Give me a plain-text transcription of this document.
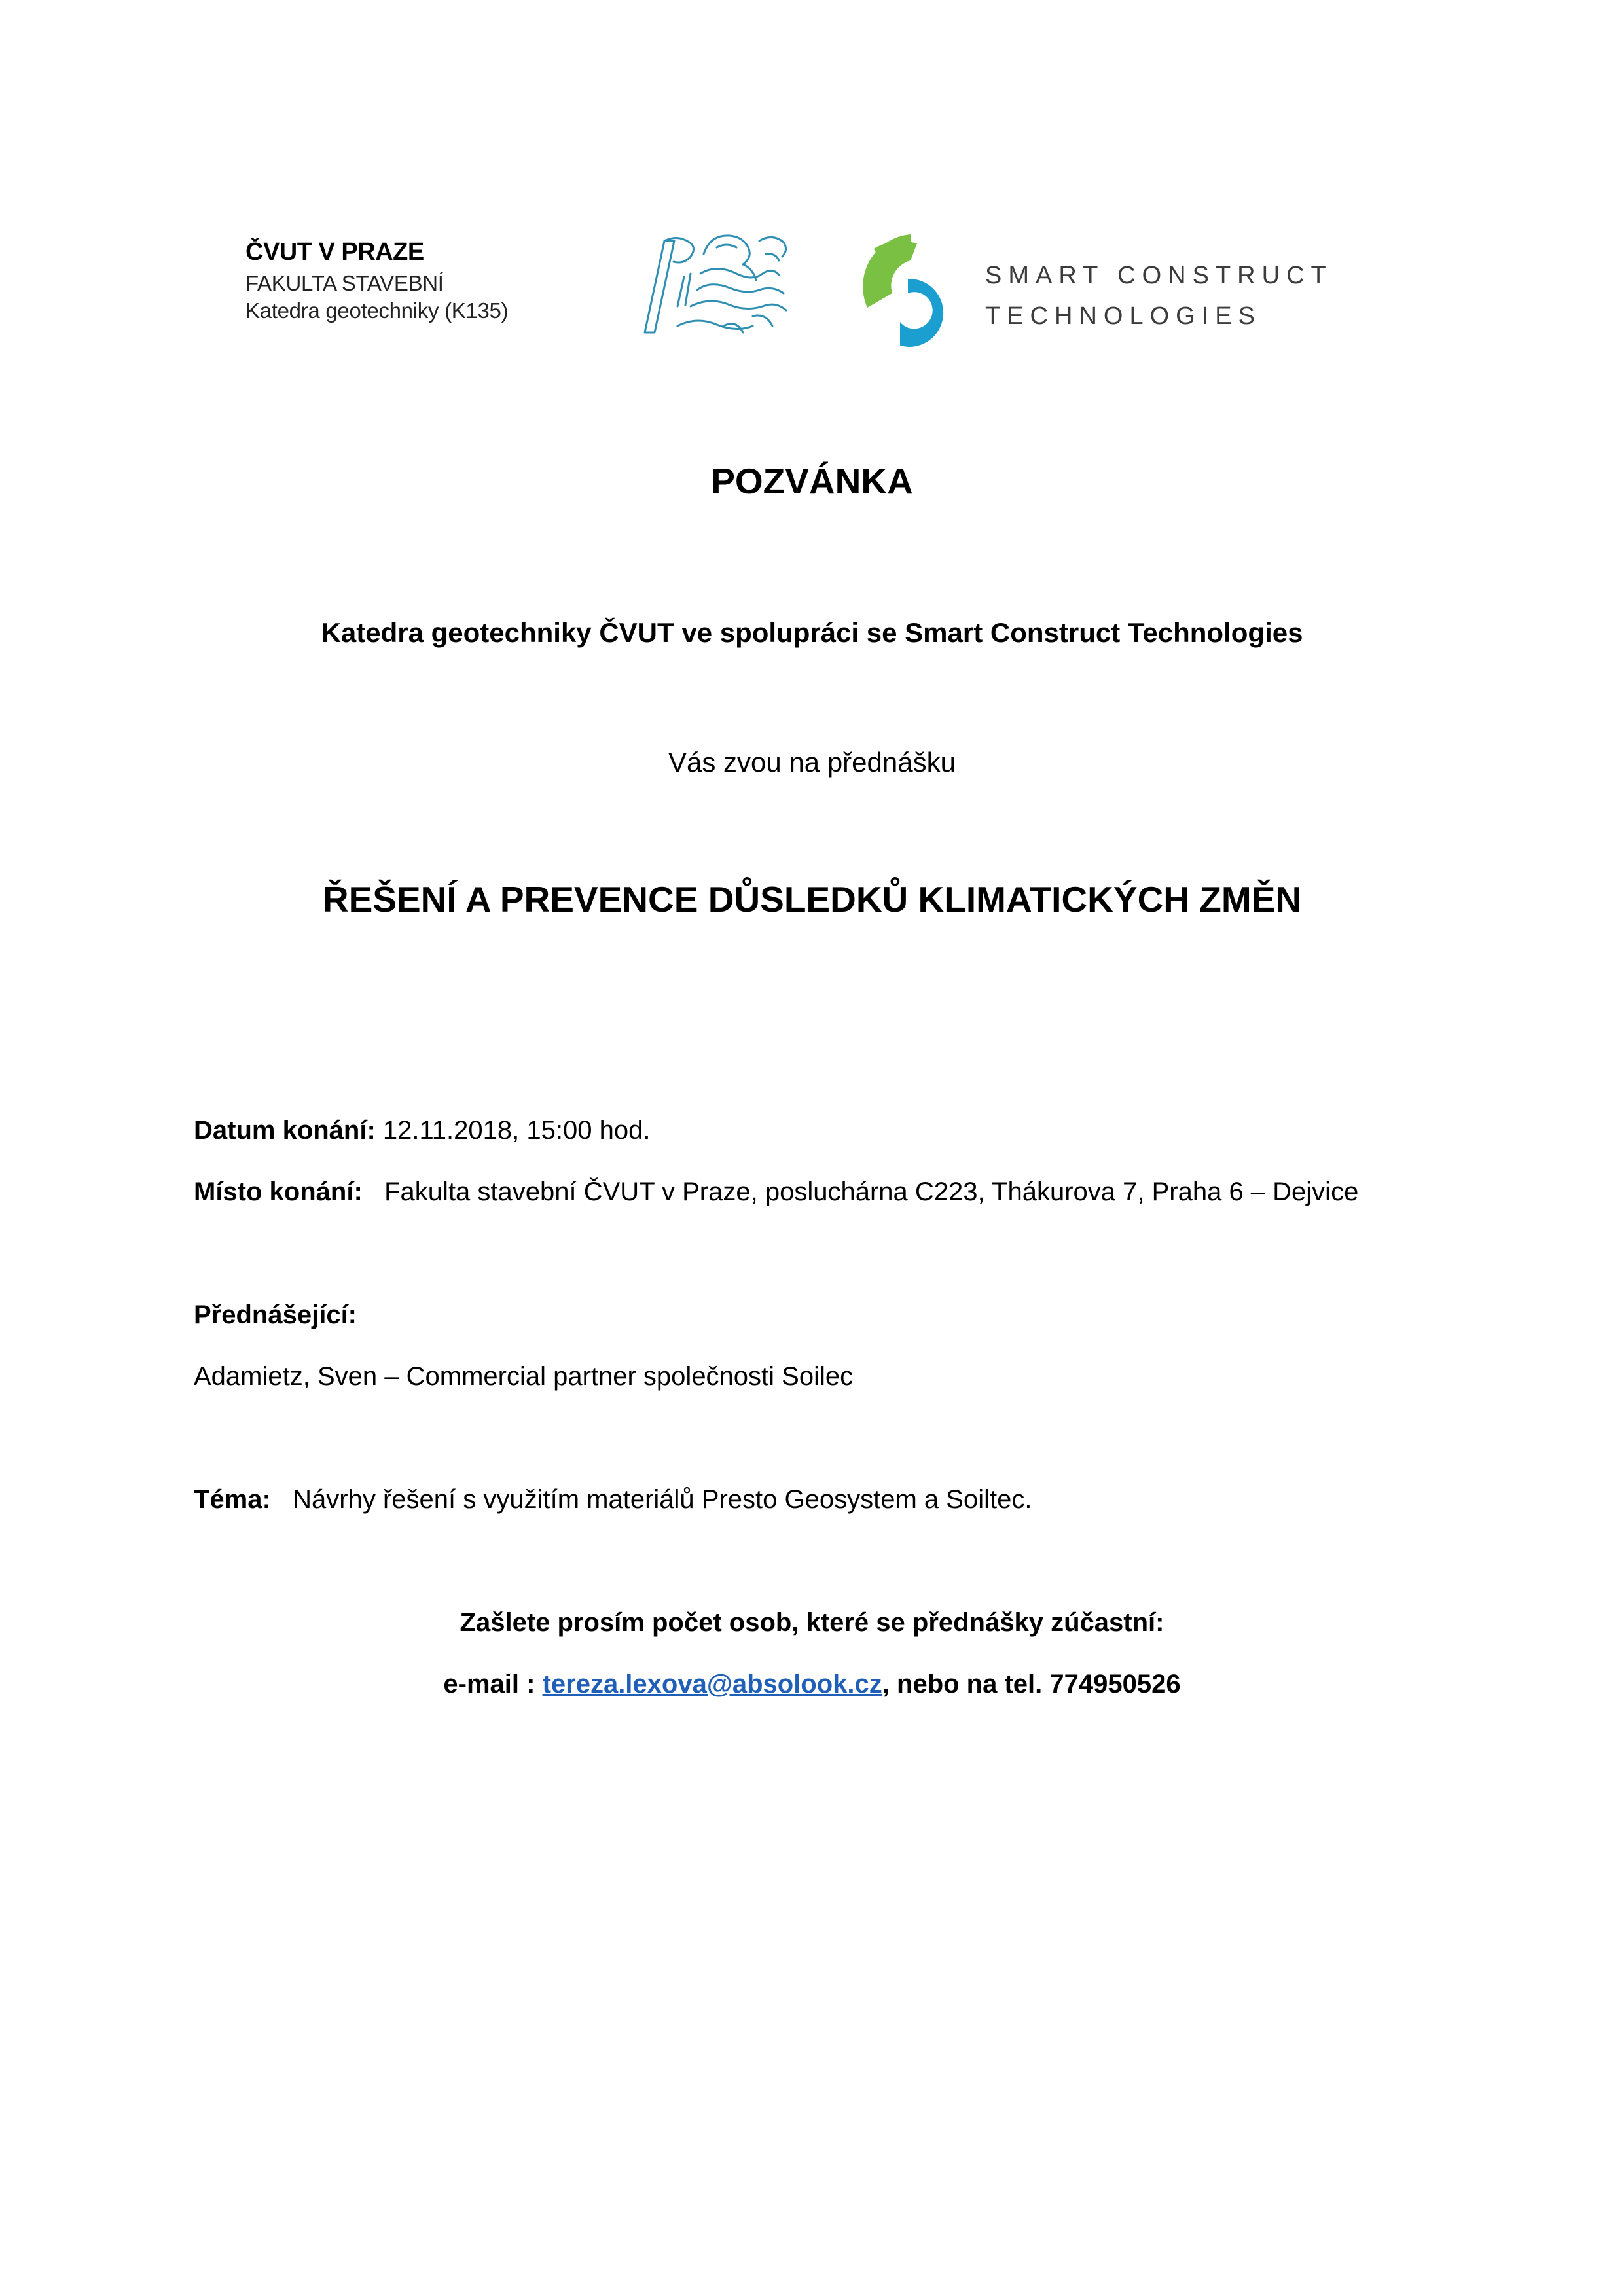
ČVUT V PRAZE
FAKULTA STAVEBNÍ
Katedra geotechniky (K135)
SMART CONSTRUCT
TECHNOLOGIES
POZVÁNKA
Katedra geotechniky ČVUT ve spolupráci se Smart Construct Technologies
Vás zvou na přednášku
ŘEŠENÍ A PREVENCE DŮSLEDKŮ KLIMATICKÝCH ZMĚN
Datum konání: 12.11.2018, 15:00 hod.
Místo konání: Fakulta stavební ČVUT v Praze, posluchárna C223, Thákurova 7, Praha 6 – Dejvice
Přednášející:
Adamietz, Sven – Commercial partner společnosti Soilec
Téma: Návrhy řešení s využitím materiálů Presto Geosystem a Soiltec.
Zašlete prosím počet osob, které se přednášky zúčastní:
e-mail : tereza.lexova@absolook.cz, nebo na tel. 774950526
